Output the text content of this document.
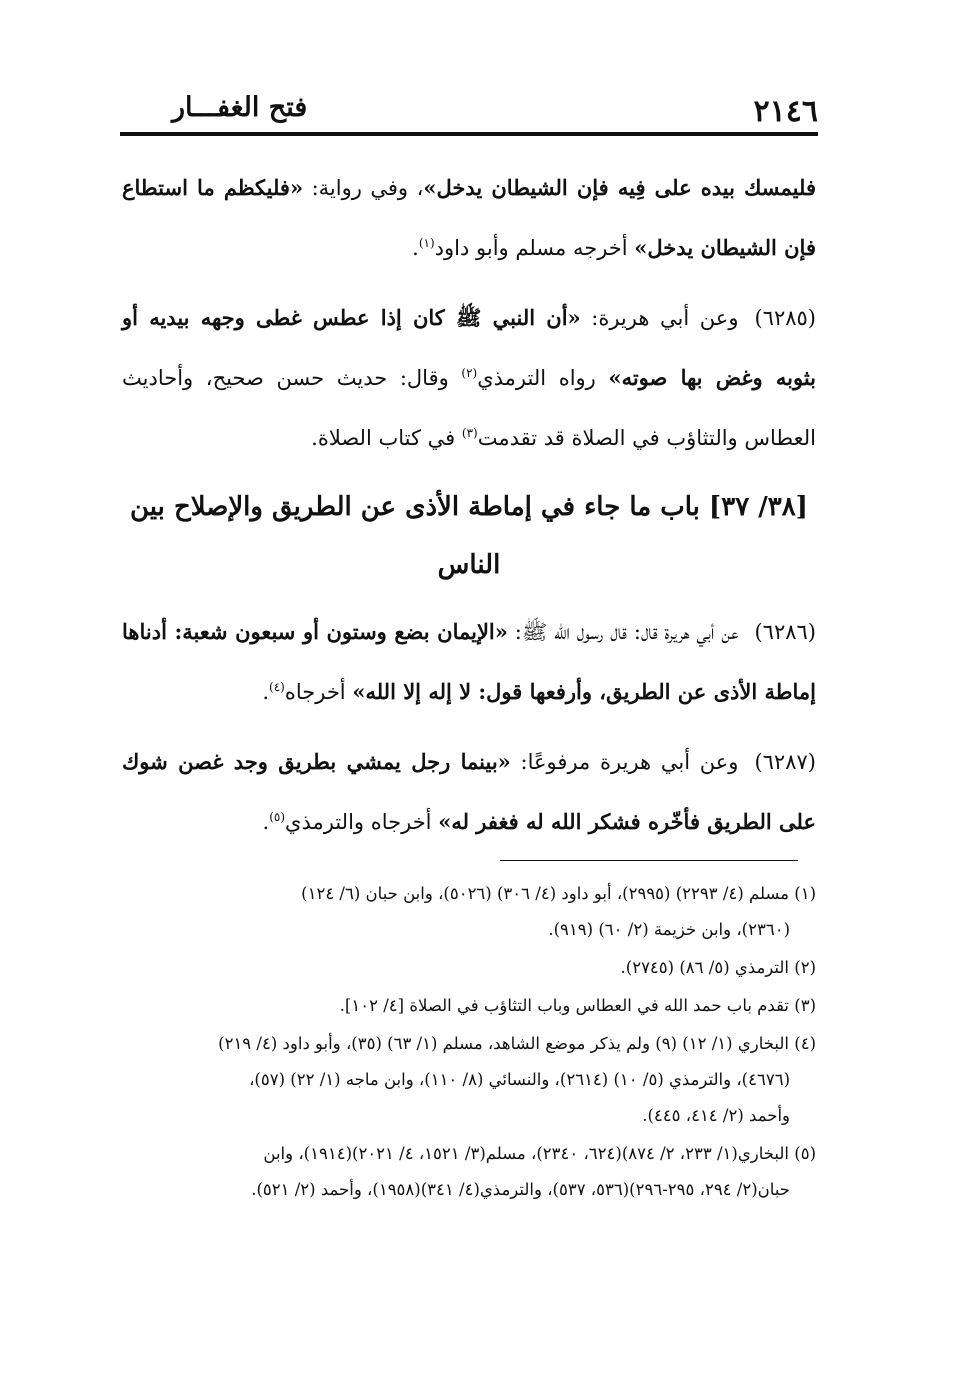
٢١٤٦
فتح الغفـــار

فليمسك بيده على فِيه فإن الشيطان يدخل»، وفي رواية: «فليكظم ما استطاع فإن الشيطان يدخل» أخرجه مسلم وأبو داود$^{(١)}$.

(٦٢٨٥)وعن أبي هريرة: «أن النبي ﷺ كان إذا عطس غطى وجهه بيديه أو بثوبه وغض بها صوته» رواه الترمذي$^{(٢)}$ وقال: حديث حسن صحيح، وأحاديث العطاس والتثاؤب في الصلاة قد تقدمت$^{(٣)}$ في كتاب الصلاة.

[٣٨/ ٣٧] باب ما جاء في إماطة الأذى عن الطريق والإصلاح بين الناس

(٦٢٨٦)عن أبي هريرة قال: قال رسول الله ﷺ: «الإيمان بضع وستون أو سبعون شعبة: أدناها إماطة الأذى عن الطريق، وأرفعها قول: لا إله إلا الله» أخرجاه$^{(٤)}$.

(٦٢٨٧)وعن أبي هريرة مرفوعًا: «بينما رجل يمشي بطريق وجد غصن شوك على الطريق فأخّره فشكر الله له فغفر له» أخرجاه والترمذي$^{(٥)}$.

(١) مسلم (٤/ ٢٢٩٣) (٢٩٩٥)، أبو داود (٤/ ٣٠٦) (٥٠٢٦)، وابن حبان (٦/ ١٢٤)
(٢٣٦٠)، وابن خزيمة (٢/ ٦٠) (٩١٩).
(٢) الترمذي (٥/ ٨٦) (٢٧٤٥).
(٣) تقدم باب حمد الله في العطاس وباب التثاؤب في الصلاة [٤/ ١٠٢].
(٤) البخاري (١/ ١٢) (٩) ولم يذكر موضع الشاهد، مسلم (١/ ٦٣) (٣٥)، وأبو داود (٤/ ٢١٩)
(٤٦٧٦)، والترمذي (٥/ ١٠) (٢٦١٤)، والنسائي (٨/ ١١٠)، وابن ماجه (١/ ٢٢) (٥٧)،
وأحمد (٢/ ٤١٤، ٤٤٥).
(٥) البخاري(١/ ٢٣٣، ٢/ ٨٧٤)(٦٢٤، ٢٣٤٠)، مسلم(٣/ ١٥٢١، ٤/ ٢٠٢١)(١٩١٤)، وابن
حبان(٢/ ٢٩٤، ٢٩٥-٢٩٦)(٥٣٦، ٥٣٧)، والترمذي(٤/ ٣٤١)(١٩٥٨)، وأحمد (٢/ ٥٢١).
